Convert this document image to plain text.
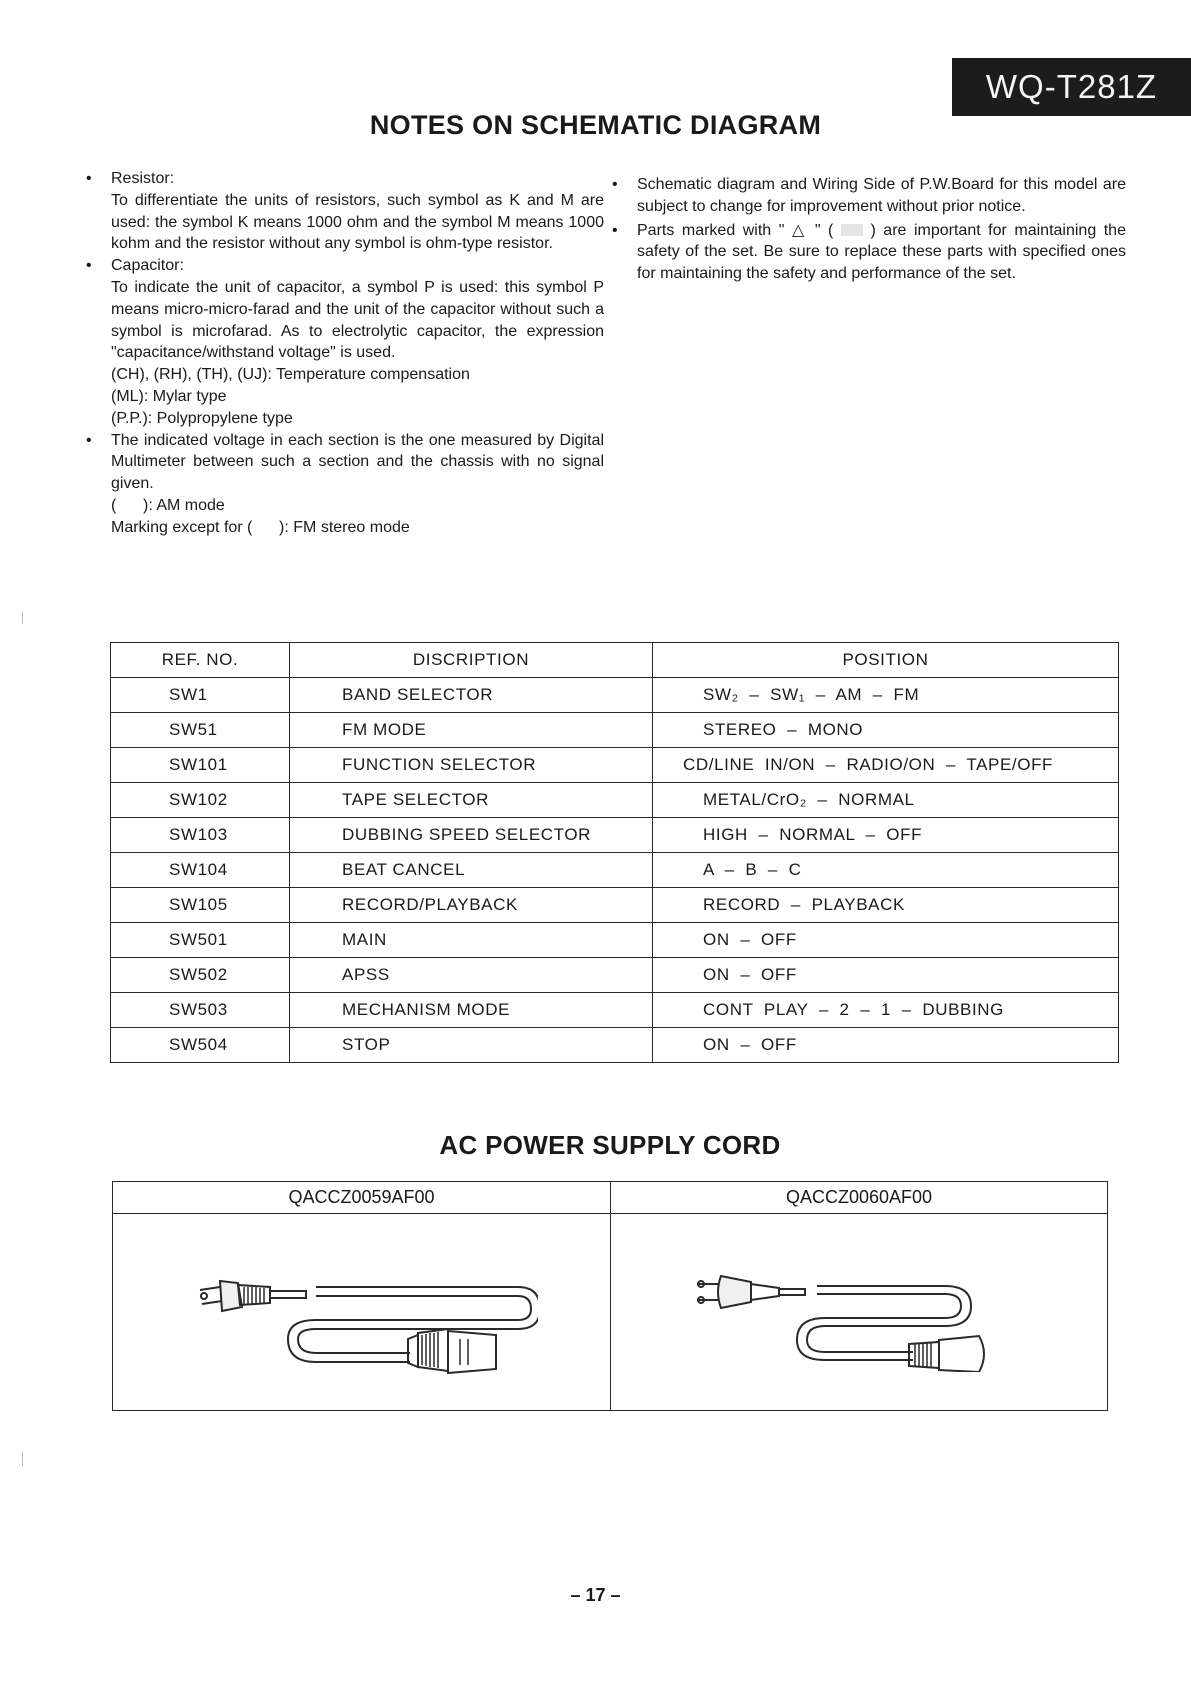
WQ-T281Z
NOTES ON SCHEMATIC DIAGRAM
• Resistor:
To differentiate the units of resistors, such symbol as K and M are used: the symbol K means 1000 ohm and the symbol M means 1000 kohm and the resistor without any symbol is ohm-type resistor.
• Capacitor:
To indicate the unit of capacitor, a symbol P is used: this symbol P means micro-micro-farad and the unit of the capacitor without such a symbol is microfarad. As to electrolytic capacitor, the expression "capacitance/withstand voltage" is used.
(CH), (RH), (TH), (UJ): Temperature compensation
(ML): Mylar type
(P.P.): Polypropylene type
• The indicated voltage in each section is the one measured by Digital Multimeter between such a section and the chassis with no signal given.
(      ): AM mode
Marking except for (      ): FM stereo mode
• Schematic diagram and Wiring Side of P.W.Board for this model are subject to change for improvement without prior notice.
• Parts marked with " △ " ( ) are important for maintaining the safety of the set. Be sure to replace these parts with specified ones for maintaining the safety and performance of the set.
REF. NO.	DISCRIPTION	POSITION
SW1	BAND SELECTOR	SW₂  –  SW₁  –  AM  –  FM
SW51	FM MODE	STEREO  –  MONO
SW101	FUNCTION SELECTOR	CD/LINE  IN/ON  –  RADIO/ON  –  TAPE/OFF
SW102	TAPE SELECTOR	METAL/CrO₂  –  NORMAL
SW103	DUBBING SPEED SELECTOR	HIGH  –  NORMAL  –  OFF
SW104	BEAT CANCEL	A  –  B  –  C
SW105	RECORD/PLAYBACK	RECORD  –  PLAYBACK
SW501	MAIN	ON  –  OFF
SW502	APSS	ON  –  OFF
SW503	MECHANISM MODE	CONT  PLAY  –  2  –  1  –  DUBBING
SW504	STOP	ON  –  OFF
AC POWER SUPPLY CORD
QACCZ0059AF00	QACCZ0060AF00
– 17 –
